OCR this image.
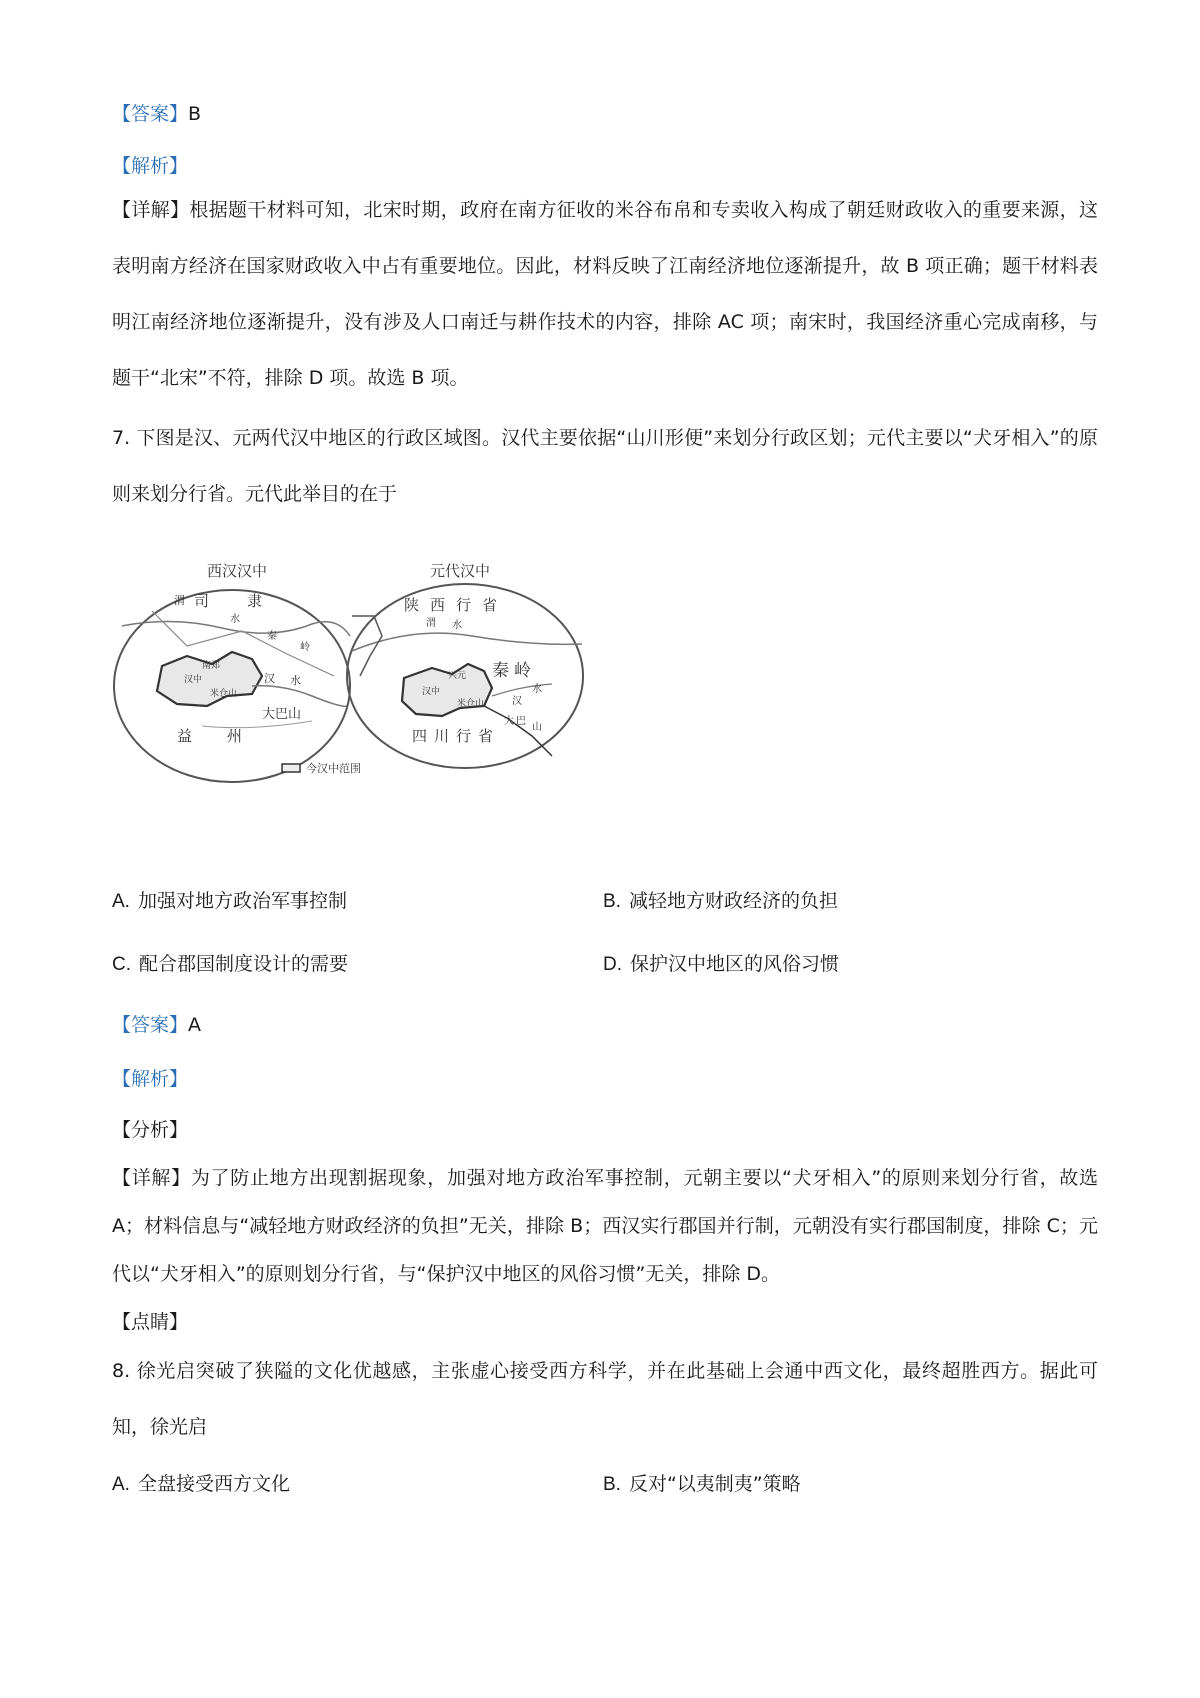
【答案】B
【解析】
【详解】根据题干材料可知，北宋时期，政府在南方征收的米谷布帛和专卖收入构成了朝廷财政收入的重要来源，这表明南方经济在国家财政收入中占有重要地位。因此，材料反映了江南经济地位逐渐提升，故 B 项正确；题干材料表明江南经济地位逐渐提升，没有涉及人口南迁与耕作技术的内容，排除 AC 项；南宋时，我国经济重心完成南移，与题干“北宋”不符，排除 D 项。故选 B 项。
7. 下图是汉、元两代汉中地区的行政区域图。汉代主要依据“山川形便”来划分行政区划；元代主要以“犬牙相入”的原则来划分行省。元代此举目的在于
西汉汉中
渭 司	隶
水
秦
岭
南郑
汉中
米仓山
汉 水
大巴山
益 州
今汉中范围
元代汉中
陕 西 行 省
渭 水
秦 岭
兴元
汉中
米仓山	汉
水
大 巴
山
四 川 行 省
A. 加强对地方政治军事控制	B. 减轻地方财政经济的负担
C. 配合郡国制度设计的需要	D. 保护汉中地区的风俗习惯
【答案】A
【解析】
【分析】
【详解】为了防止地方出现割据现象，加强对地方政治军事控制，元朝主要以“犬牙相入”的原则来划分行省，故选 A；材料信息与“减轻地方财政经济的负担”无关，排除 B；西汉实行郡国并行制，元朝没有实行郡国制度，排除 C；元代以“犬牙相入”的原则划分行省，与“保护汉中地区的风俗习惯”无关，排除 D。
【点睛】
8. 徐光启突破了狭隘的文化优越感，主张虚心接受西方科学，并在此基础上会通中西文化，最终超胜西方。据此可知，徐光启
A. 全盘接受西方文化	B. 反对“以夷制夷”策略
